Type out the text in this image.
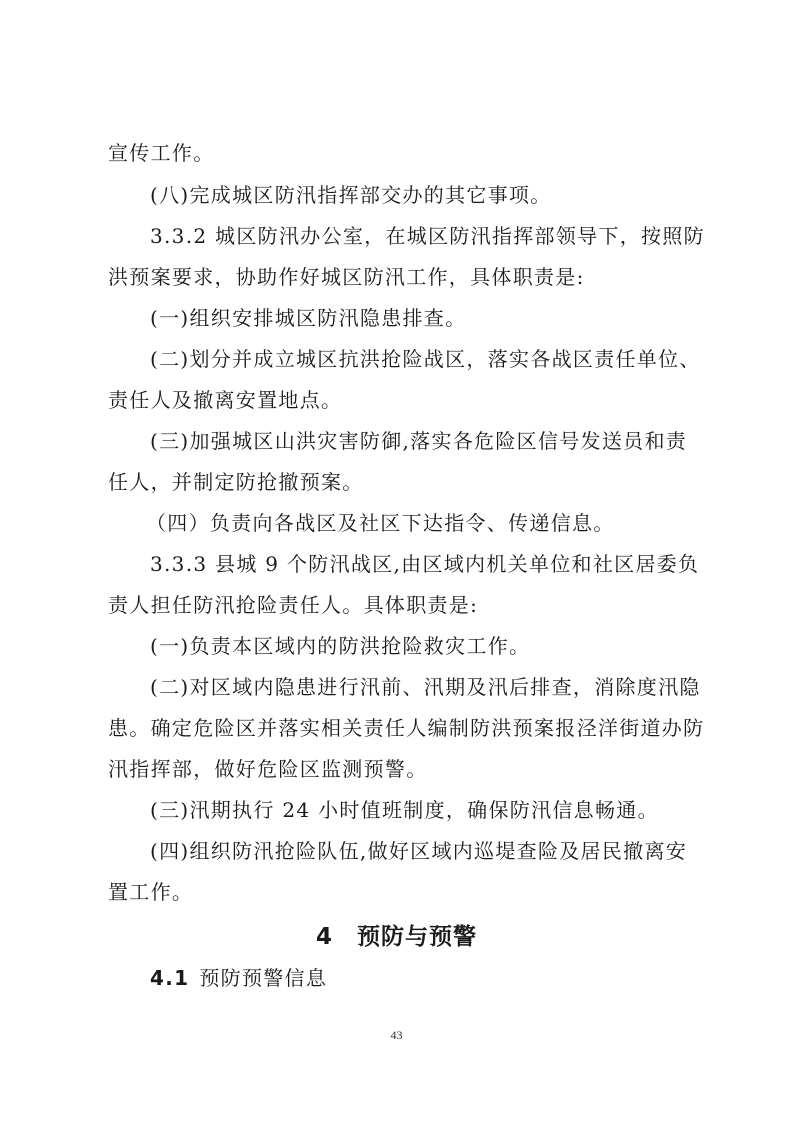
宣传工作。
(八)完成城区防汛指挥部交办的其它事项。
3.3.2 城区防汛办公室，在城区防汛指挥部领导下，按照防
洪预案要求，协助作好城区防汛工作，具体职责是:
(一)组织安排城区防汛隐患排查。
(二)划分并成立城区抗洪抢险战区，落实各战区责任单位、
责任人及撤离安置地点。
(三)加强城区山洪灾害防御,落实各危险区信号发送员和责
任人，并制定防抢撤预案。
（四）负责向各战区及社区下达指令、传递信息。
3.3.3 县城 9 个防汛战区,由区域内机关单位和社区居委负
责人担任防汛抢险责任人。具体职责是:
(一)负责本区域内的防洪抢险救灾工作。
(二)对区域内隐患进行汛前、汛期及汛后排查，消除度汛隐
患。确定危险区并落实相关责任人编制防洪预案报泾洋街道办防
汛指挥部，做好危险区监测预警。
(三)汛期执行 24 小时值班制度，确保防汛信息畅通。
(四)组织防汛抢险队伍,做好区域内巡堤查险及居民撤离安
置工作。
4　预防与预警
4.1 预防预警信息
43
